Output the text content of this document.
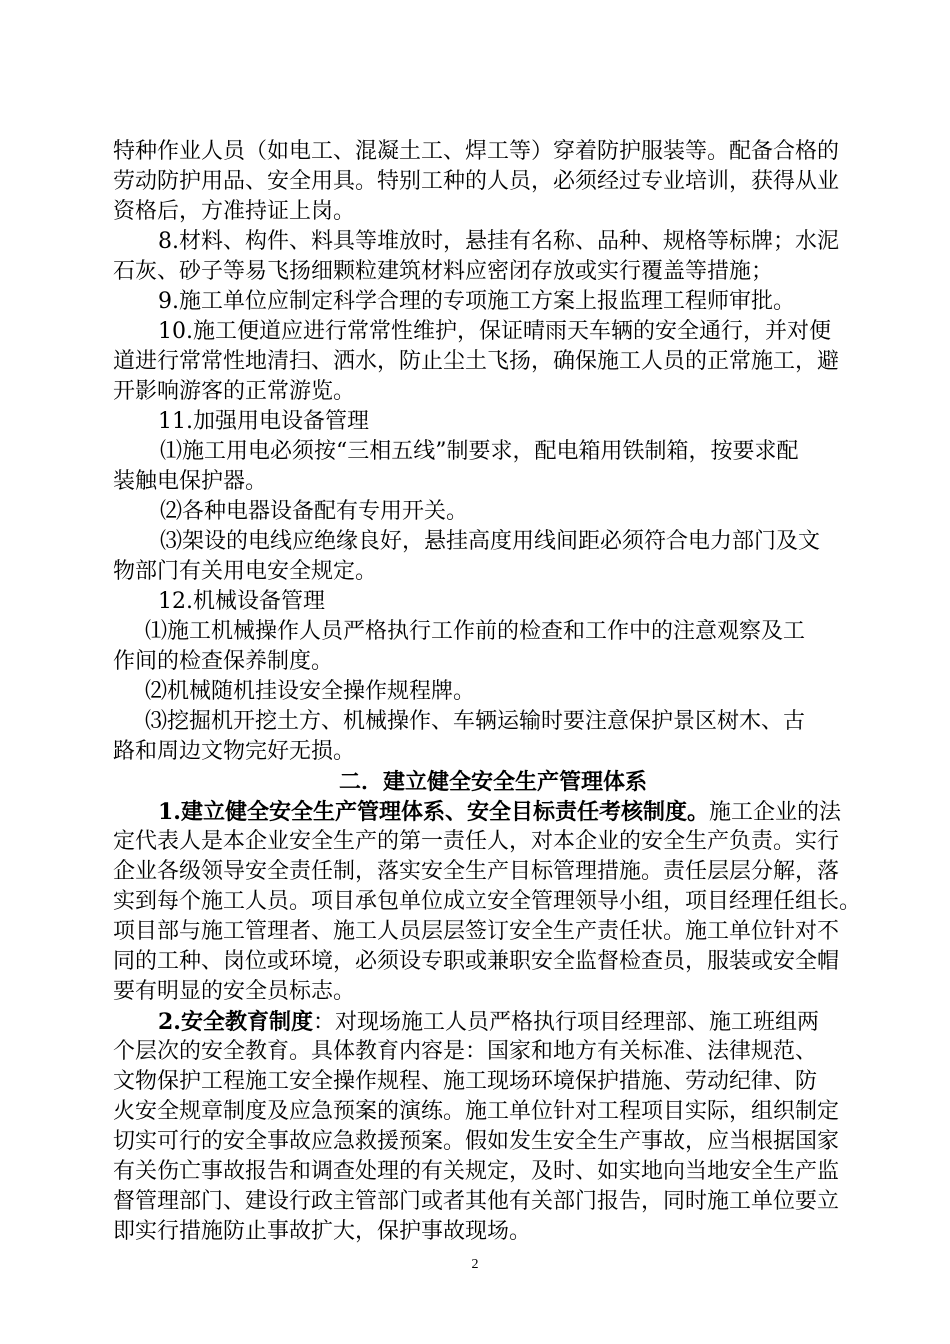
特种作业人员（如电工、混凝土工、焊工等）穿着防护服装等。配备合格的
劳动防护用品、安全用具。特别工种的人员，必须经过专业培训，获得从业
资格后，方准持证上岗。
8.材料、构件、料具等堆放时，悬挂有名称、品种、规格等标牌；水泥
石灰、砂子等易飞扬细颗粒建筑材料应密闭存放或实行覆盖等措施；
9.施工单位应制定科学合理的专项施工方案上报监理工程师审批。
10.施工便道应进行常常性维护，保证晴雨天车辆的安全通行，并对便
道进行常常性地清扫、洒水，防止尘土飞扬，确保施工人员的正常施工，避
开影响游客的正常游览。
11.加强用电设备管理
⑴施工用电必须按“三相五线”制要求，配电箱用铁制箱，按要求配
装触电保护器。
⑵各种电器设备配有专用开关。
⑶架设的电线应绝缘良好，悬挂高度用线间距必须符合电力部门及文
物部门有关用电安全规定。
12.机械设备管理
⑴施工机械操作人员严格执行工作前的检查和工作中的注意观察及工
作间的检查保养制度。
⑵机械随机挂设安全操作规程牌。
⑶挖掘机开挖土方、机械操作、车辆运输时要注意保护景区树木、古
路和周边文物完好无损。
二．建立健全安全生产管理体系
1.建立健全安全生产管理体系、安全目标责任考核制度。施工企业的法
定代表人是本企业安全生产的第一责任人，对本企业的安全生产负责。实行
企业各级领导安全责任制，落实安全生产目标管理措施。责任层层分解，落
实到每个施工人员。项目承包单位成立安全管理领导小组，项目经理任组长。
项目部与施工管理者、施工人员层层签订安全生产责任状。施工单位针对不
同的工种、岗位或环境，必须设专职或兼职安全监督检查员，服装或安全帽
要有明显的安全员标志。
2.安全教育制度：对现场施工人员严格执行项目经理部、施工班组两
个层次的安全教育。具体教育内容是：国家和地方有关标准、法律规范、
文物保护工程施工安全操作规程、施工现场环境保护措施、劳动纪律、防
火安全规章制度及应急预案的演练。施工单位针对工程项目实际，组织制定
切实可行的安全事故应急救援预案。假如发生安全生产事故，应当根据国家
有关伤亡事故报告和调查处理的有关规定，及时、如实地向当地安全生产监
督管理部门、建设行政主管部门或者其他有关部门报告，同时施工单位要立
即实行措施防止事故扩大，保护事故现场。
2
